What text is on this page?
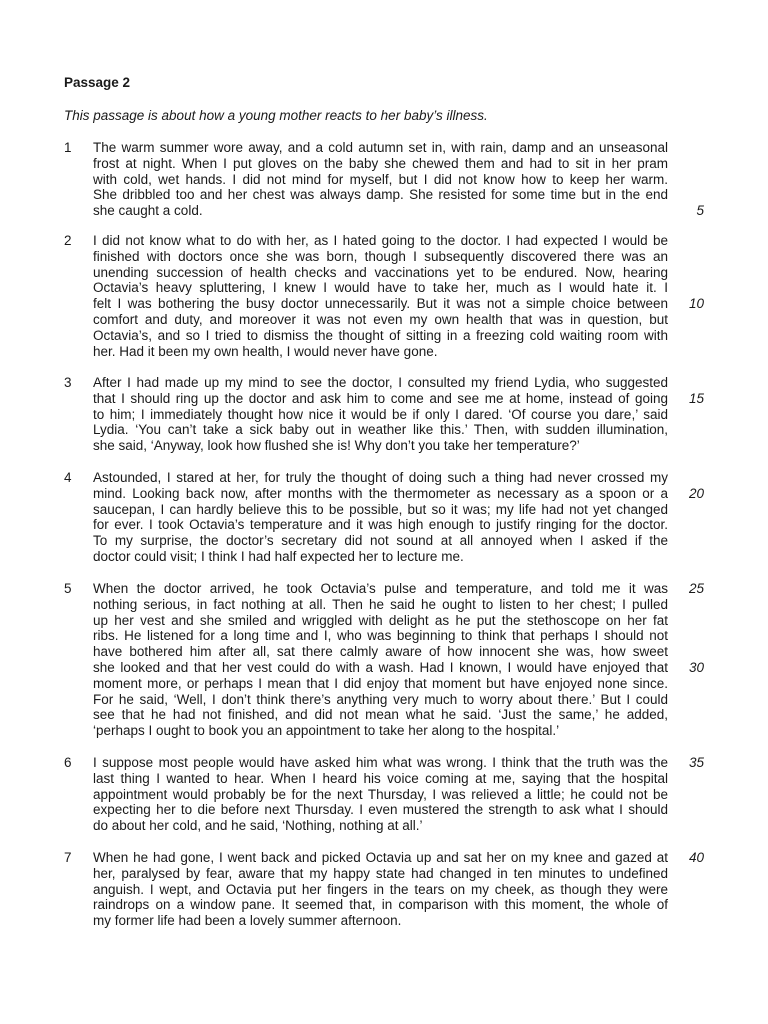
Passage 2
This passage is about how a young mother reacts to her baby’s illness.
1 The warm summer wore away, and a cold autumn set in, with rain, damp and an unseasonal
frost at night. When I put gloves on the baby she chewed them and had to sit in her pram
with cold, wet hands. I did not mind for myself, but I did not know how to keep her warm.
She dribbled too and her chest was always damp. She resisted for some time but in the end
she caught a cold.	5
2 I did not know what to do with her, as I hated going to the doctor. I had expected I would be
finished with doctors once she was born, though I subsequently discovered there was an
unending succession of health checks and vaccinations yet to be endured. Now, hearing
Octavia’s heavy spluttering, I knew I would have to take her, much as I would hate it. I
felt I was bothering the busy doctor unnecessarily. But it was not a simple choice between
comfort and duty, and moreover it was not even my own health that was in question, but
Octavia’s, and so I tried to dismiss the thought of sitting in a freezing cold waiting room with
her. Had it been my own health, I would never have gone.
10
3 After I had made up my mind to see the doctor, I consulted my friend Lydia, who suggested
that I should ring up the doctor and ask him to come and see me at home, instead of going
to him; I immediately thought how nice it would be if only I dared. ‘Of course you dare,’ said
Lydia. ‘You can’t take a sick baby out in weather like this.’ Then, with sudden illumination,
she said, ‘Anyway, look how flushed she is! Why don’t you take her temperature?’
15
4 Astounded, I stared at her, for truly the thought of doing such a thing had never crossed my
mind. Looking back now, after months with the thermometer as necessary as a spoon or a
saucepan, I can hardly believe this to be possible, but so it was; my life had not yet changed
for ever. I took Octavia’s temperature and it was high enough to justify ringing for the doctor.
To my surprise, the doctor’s secretary did not sound at all annoyed when I asked if the
doctor could visit; I think I had half expected her to lecture me.
20
5 When the doctor arrived, he took Octavia’s pulse and temperature, and told me it was
nothing serious, in fact nothing at all. Then he said he ought to listen to her chest; I pulled
up her vest and she smiled and wriggled with delight as he put the stethoscope on her fat
ribs. He listened for a long time and I, who was beginning to think that perhaps I should not
have bothered him after all, sat there calmly aware of how innocent she was, how sweet
she looked and that her vest could do with a wash. Had I known, I would have enjoyed that
moment more, or perhaps I mean that I did enjoy that moment but have enjoyed none since.
For he said, ‘Well, I don’t think there’s anything very much to worry about there.’ But I could
see that he had not finished, and did not mean what he said. ‘Just the same,’ he added,
‘perhaps I ought to book you an appointment to take her along to the hospital.’
25
30
6 I suppose most people would have asked him what was wrong. I think that the truth was the
last thing I wanted to hear. When I heard his voice coming at me, saying that the hospital
appointment would probably be for the next Thursday, I was relieved a little; he could not be
expecting her to die before next Thursday. I even mustered the strength to ask what I should
do about her cold, and he said, ‘Nothing, nothing at all.’
35
7 When he had gone, I went back and picked Octavia up and sat her on my knee and gazed at
her, paralysed by fear, aware that my happy state had changed in ten minutes to undefined
anguish. I wept, and Octavia put her fingers in the tears on my cheek, as though they were
raindrops on a window pane. It seemed that, in comparison with this moment, the whole of
my former life had been a lovely summer afternoon.
40
